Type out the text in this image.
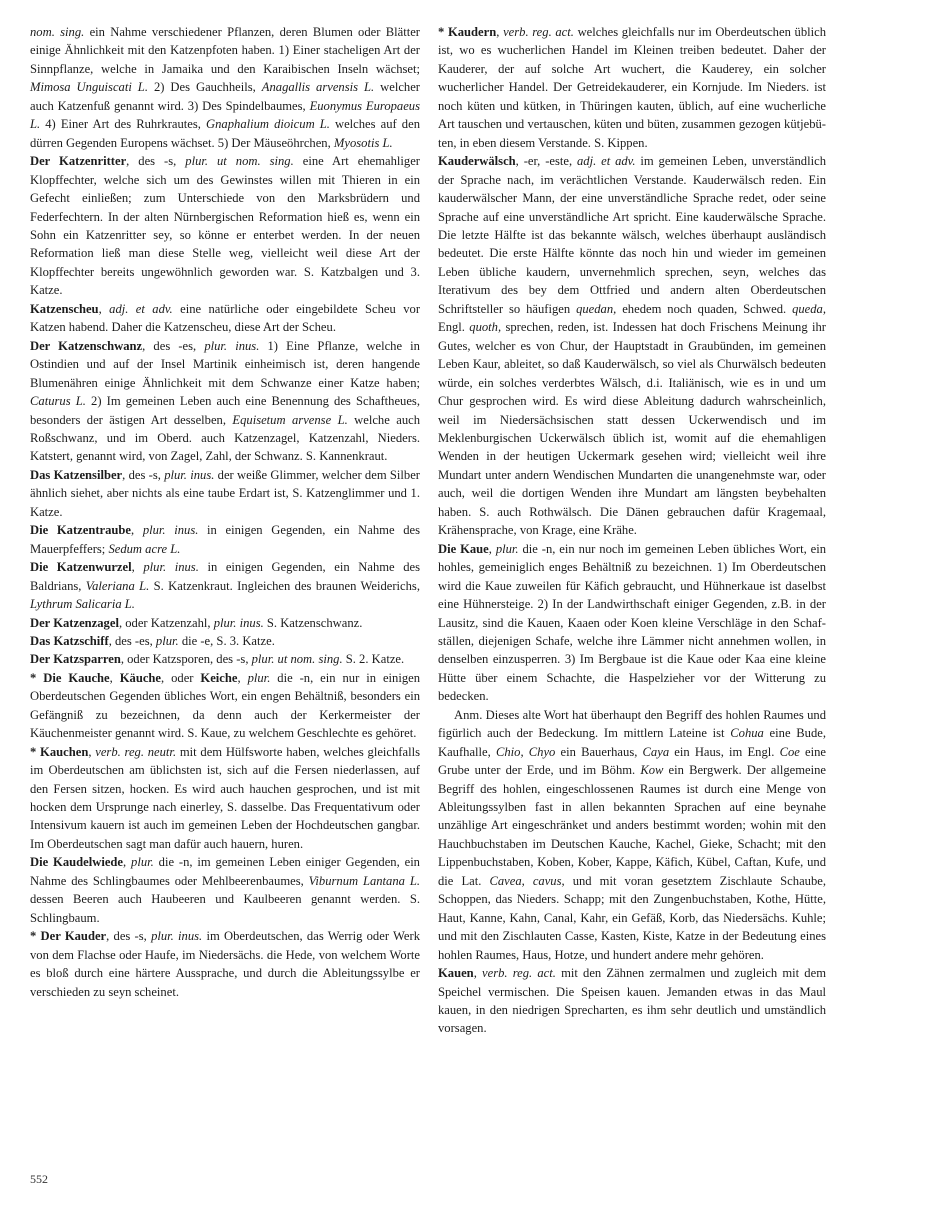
nom. sing. ein Nahme verschiedener Pflanzen, deren Blumen oder Blätter einige Ähnlichkeit mit den Katzenpfoten haben. 1) Einer stacheligen Art der Sinnpflanze, welche in Jamaika und den Karaibischen Inseln wächset; Mimosa Unguiscati L. 2) Des Gauchheils, Anagallis arvensis L. welcher auch Katzenfuß genannt wird. 3) Des Spindelbaumes, Euonymus Europaeus L. 4) Einer Art des Ruhrkrautes, Gnaphalium dioicum L. welches auf den dürren Gegenden Europens wächset. 5) Der Mäuseöhrchen, Myosotis L.

Der Katzenritter, des -s, plur. ut nom. sing. eine Art ehemahliger Klopffechter, welche sich um des Gewinstes willen mit Thieren in ein Gefecht einließen; zum Unterschiede von den Marksbrüdern und Federfechtern. In der alten Nürnbergischen Reformation hieß es, wenn ein Sohn ein Katzenritter sey, so könne er enterbet werden. In der neuen Reformation ließ man diese Stelle weg, vielleicht weil diese Art der Klopffechter bereits ungewöhnlich geworden war. S. Katzbalgen und 3. Katze.

Katzenscheu, adj. et adv. eine natürliche oder eingebildete Scheu vor Katzen habend. Daher die Katzenscheu, diese Art der Scheu.

Der Katzenschwanz, des -es, plur. inus. 1) Eine Pflanze, welche in Ostindien und auf der Insel Martinik einheimisch ist, deren hangende Blumenähren einige Ähnlichkeit mit dem Schwanze einer Katze haben; Caturus L. 2) Im gemeinen Leben auch eine Benennung des Schaftheues, besonders der ästigen Art desselben, Equisetum arvense L. welche auch Roßschwanz, und im Oberd. auch Katzenzagel, Katzenzahl, Nieders. Katstert, genannt wird, von Zagel, Zahl, der Schwanz. S. Kannenkraut.

Das Katzensilber, des -s, plur. inus. der weiße Glimmer, welcher dem Silber ähnlich siehet, aber nichts als eine taube Erdart ist, S. Katzenglimmer und 1. Katze.

Die Katzentraube, plur. inus. in einigen Gegenden, ein Nahme des Mauerpfeffers; Sedum acre L.

Die Katzenwurzel, plur. inus. in einigen Gegenden, ein Nahme des Baldrians, Valeriana L. S. Katzenkraut. Ingleichen des braunen Weiderichs, Lythrum Salicaria L.

Der Katzenzagel, oder Katzenzahl, plur. inus. S. Katzenschwanz.

Das Katzschiff, des -es, plur. die -e, S. 3. Katze.

Der Katzsparren, oder Katzsporen, des -s, plur. ut nom. sing. S. 2. Katze.

* Die Kauche, Käuche, oder Keiche, plur. die -n, ein nur in einigen Oberdeutschen Gegenden übliches Wort, ein engen Behältniß, besonders ein Gefängniß zu bezeichnen, da denn auch der Kerkermeister der Käuchenmeister genannt wird. S. Kaue, zu welchem Geschlechte es gehöret.

* Kauchen, verb. reg. neutr. mit dem Hülfsworte haben, welches gleichfalls im Oberdeutschen am üblichsten ist, sich auf die Fersen niederlassen, auf den Fersen sitzen, hocken. Es wird auch hauchen gesprochen, und ist mit hocken dem Ursprunge nach einerley, S. dasselbe. Das Frequentativum oder Intensivum kauern ist auch im gemeinen Leben der Hochdeutschen gangbar. Im Oberdeutschen sagt man dafür auch hauern, huren.

Die Kaudelwiede, plur. die -n, im gemeinen Leben einiger Gegenden, ein Nahme des Schlingbaumes oder Mehlbeerenbaumes, Viburnum Lantana L. dessen Beeren auch Haubeeren und Kaulbeeren genannt werden. S. Schlingbaum.

* Der Kauder, des -s, plur. inus. im Oberdeutschen, das Werrig oder Werk von dem Flachse oder Haufe, im Niedersächs. die Hede, von welchem Worte es bloß durch eine härtere Aussprache, und durch die Ableitungssylbe er verschieden zu seyn scheinet.

* Kaudern, verb. reg. act. welches gleichfalls nur im Oberdeutschen üblich ist, wo es wucherlichen Handel im Kleinen treiben bedeutet. Daher der Kauderer, der auf solche Art wuchert, die Kauderey, ein solcher wucherlicher Handel. Der Getreidekauderer, ein Kornjude. Im Nieders. ist noch küten und kütken, in Thüringen kauten, üblich, auf eine wucherliche Art tauschen und vertauschen, küten und büten, zusammen gezogen kütjebüten, in eben diesem Verstande. S. Kippen.

Kauderwälsch, -er, -este, adj. et adv. im gemeinen Leben, unverständlich der Sprache nach, im verächtlichen Verstande. Kauderwälsch reden. Ein kauderwälscher Mann, der eine unverständliche Sprache redet, oder seine Sprache auf eine unverständliche Art spricht. Eine kauderwälsche Sprache. Die letzte Hälfte ist das bekannte wälsch, welches überhaupt ausländisch bedeutet. Die erste Hälfte könnte das noch hin und wieder im gemeinen Leben übliche kaudern, unvernehmlich sprechen, seyn, welches das Iterativum des bey dem Ottfried und andern alten Oberdeutschen Schriftsteller so häufigen quedan, ehedem noch quaden, Schwed. queda, Engl. quoth, sprechen, reden, ist. Indessen hat doch Frischens Meinung ihr Gutes, welcher es von Chur, der Hauptstadt in Graubünden, im gemeinen Leben Kaur, ableitet, so daß Kauderwälsch, so viel als Churwälsch bedeuten würde, ein solches verderbtes Wälsch, d.i. Italiänisch, wie es in und um Chur gesprochen wird. Es wird diese Ableitung dadurch wahrscheinlich, weil im Niedersächsischen statt dessen Uckerwendisch und im Meklenburgischen Uckerwälsch üblich ist, womit auf die ehemahligen Wenden in der heutigen Uckermark gesehen wird; vielleicht weil ihre Mundart unter andern Wendischen Mundarten die unangenehmste war, oder auch, weil die dortigen Wenden ihre Mundart am längsten beybehalten haben. S. auch Rothwälsch. Die Dänen gebrauchen dafür Kragemaal, Krähensprache, von Krage, eine Krähe.

Die Kaue, plur. die -n, ein nur noch im gemeinen Leben übliches Wort, ein hohles, gemeiniglich enges Behältniß zu bezeichnen. 1) Im Oberdeutschen wird die Kaue zuweilen für Käfich gebraucht, und Hühnerkaue ist daselbst eine Hühnersteige. 2) In der Landwirthschaft einiger Gegenden, z.B. in der Lausitz, sind die Kauen, Kaaen oder Koen kleine Verschläge in den Schafställen, diejenigen Schafe, welche ihre Lämmer nicht annehmen wollen, in denselben einzusperren. 3) Im Bergbaue ist die Kaue oder Kaa eine kleine Hütte über einem Schachte, die Haspelzieher vor der Witterung zu bedecken.

Anm. Dieses alte Wort hat überhaupt den Begriff des hohlen Raumes und figürlich auch der Bedeckung. Im mittlern Lateine ist Cohua eine Bude, Kaufhalle, Chio, Chyo ein Bauerhaus, Caya ein Haus, im Engl. Coe eine Grube unter der Erde, und im Böhm. Kow ein Bergwerk. Der allgemeine Begriff des hohlen, eingeschlossenen Raumes ist durch eine Menge von Ableitungssylben fast in allen bekannten Sprachen auf eine beynahe unzählige Art eingeschränket und anders bestimmt worden; wohin mit den Hauchbuchstaben im Deutschen Kauche, Kachel, Gieke, Schacht; mit den Lippenbuchstaben, Koben, Kober, Kappe, Käfich, Kübel, Caftan, Kufe, und die Lat. Cavea, cavus, und mit voran gesetztem Zischlaute Schaube, Schoppen, das Nieders. Schapp; mit den Zungenbuchstaben, Kothe, Hütte, Haut, Kanne, Kahn, Canal, Kahr, ein Gefäß, Korb, das Niedersächs. Kuhle; und mit den Zischlauten Casse, Kasten, Kiste, Katze in der Bedeutung eines hohlen Raumes, Haus, Hotze, und hundert andere mehr gehören.

Kauen, verb. reg. act. mit den Zähnen zermalmen und zugleich mit dem Speichel vermischen. Die Speisen kauen. Jemanden etwas in das Maul kauen, in den niedrigen Sprecharten, es ihm sehr deutlich und umständlich vorsagen.

552
